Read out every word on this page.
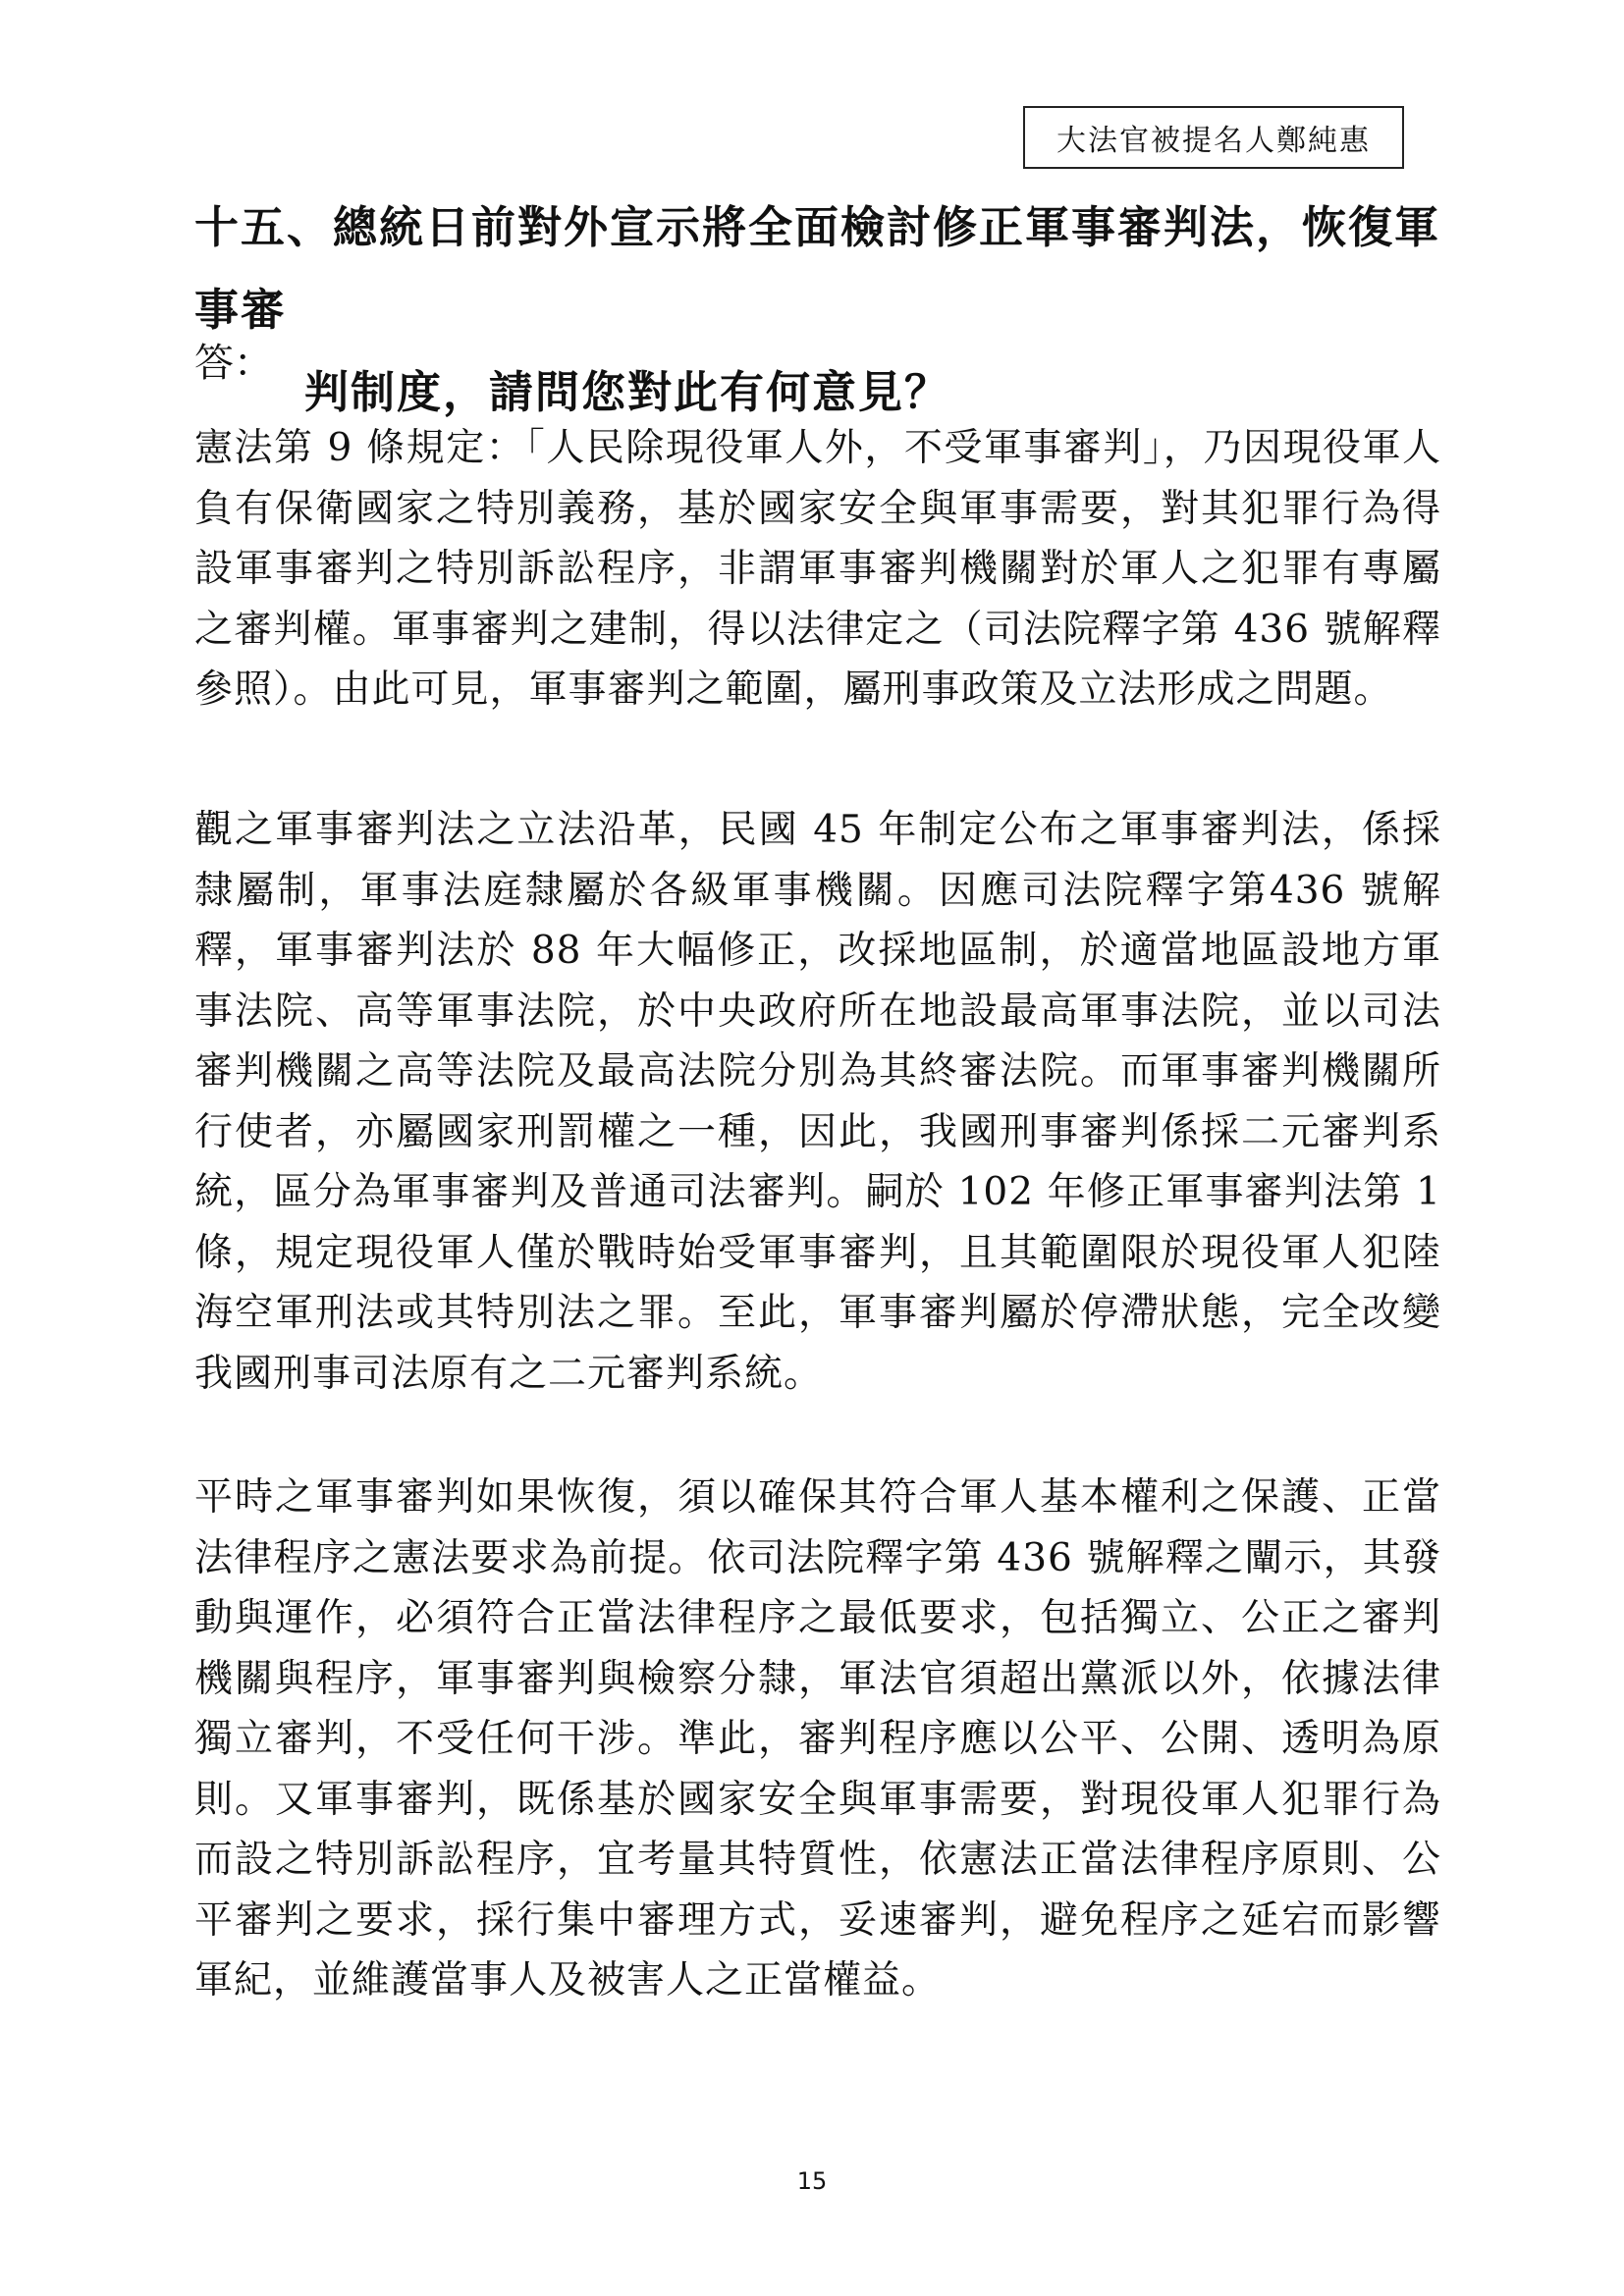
大法官被提名人鄭純惠
十五、總統日前對外宣示將全面檢討修正軍事審判法，恢復軍事審
判制度，請問您對此有何意見？
答：
憲法第 9 條規定：「人民除現役軍人外，不受軍事審判」，乃因現役軍人負有保衛國家之特別義務，基於國家安全與軍事需要，對其犯罪行為得設軍事審判之特別訴訟程序，非謂軍事審判機關對於軍人之犯罪有專屬之審判權。軍事審判之建制，得以法律定之（司法院釋字第 436 號解釋參照）。由此可見，軍事審判之範圍，屬刑事政策及立法形成之問題。
觀之軍事審判法之立法沿革，民國 45 年制定公布之軍事審判法，係採隸屬制，軍事法庭隸屬於各級軍事機關。因應司法院釋字第436 號解釋，軍事審判法於 88 年大幅修正，改採地區制，於適當地區設地方軍事法院、高等軍事法院，於中央政府所在地設最高軍事法院，並以司法審判機關之高等法院及最高法院分別為其終審法院。而軍事審判機關所行使者，亦屬國家刑罰權之一種，因此，我國刑事審判係採二元審判系統，區分為軍事審判及普通司法審判。嗣於 102 年修正軍事審判法第 1 條，規定現役軍人僅於戰時始受軍事審判，且其範圍限於現役軍人犯陸海空軍刑法或其特別法之罪。至此，軍事審判屬於停滯狀態，完全改變我國刑事司法原有之二元審判系統。
平時之軍事審判如果恢復，須以確保其符合軍人基本權利之保護、正當法律程序之憲法要求為前提。依司法院釋字第 436 號解釋之闡示，其發動與運作，必須符合正當法律程序之最低要求，包括獨立、公正之審判機關與程序，軍事審判與檢察分隸，軍法官須超出黨派以外，依據法律獨立審判，不受任何干涉。準此，審判程序應以公平、公開、透明為原則。又軍事審判，既係基於國家安全與軍事需要，對現役軍人犯罪行為而設之特別訴訟程序，宜考量其特質性，依憲法正當法律程序原則、公平審判之要求，採行集中審理方式，妥速審判，避免程序之延宕而影響軍紀，並維護當事人及被害人之正當權益。
15
